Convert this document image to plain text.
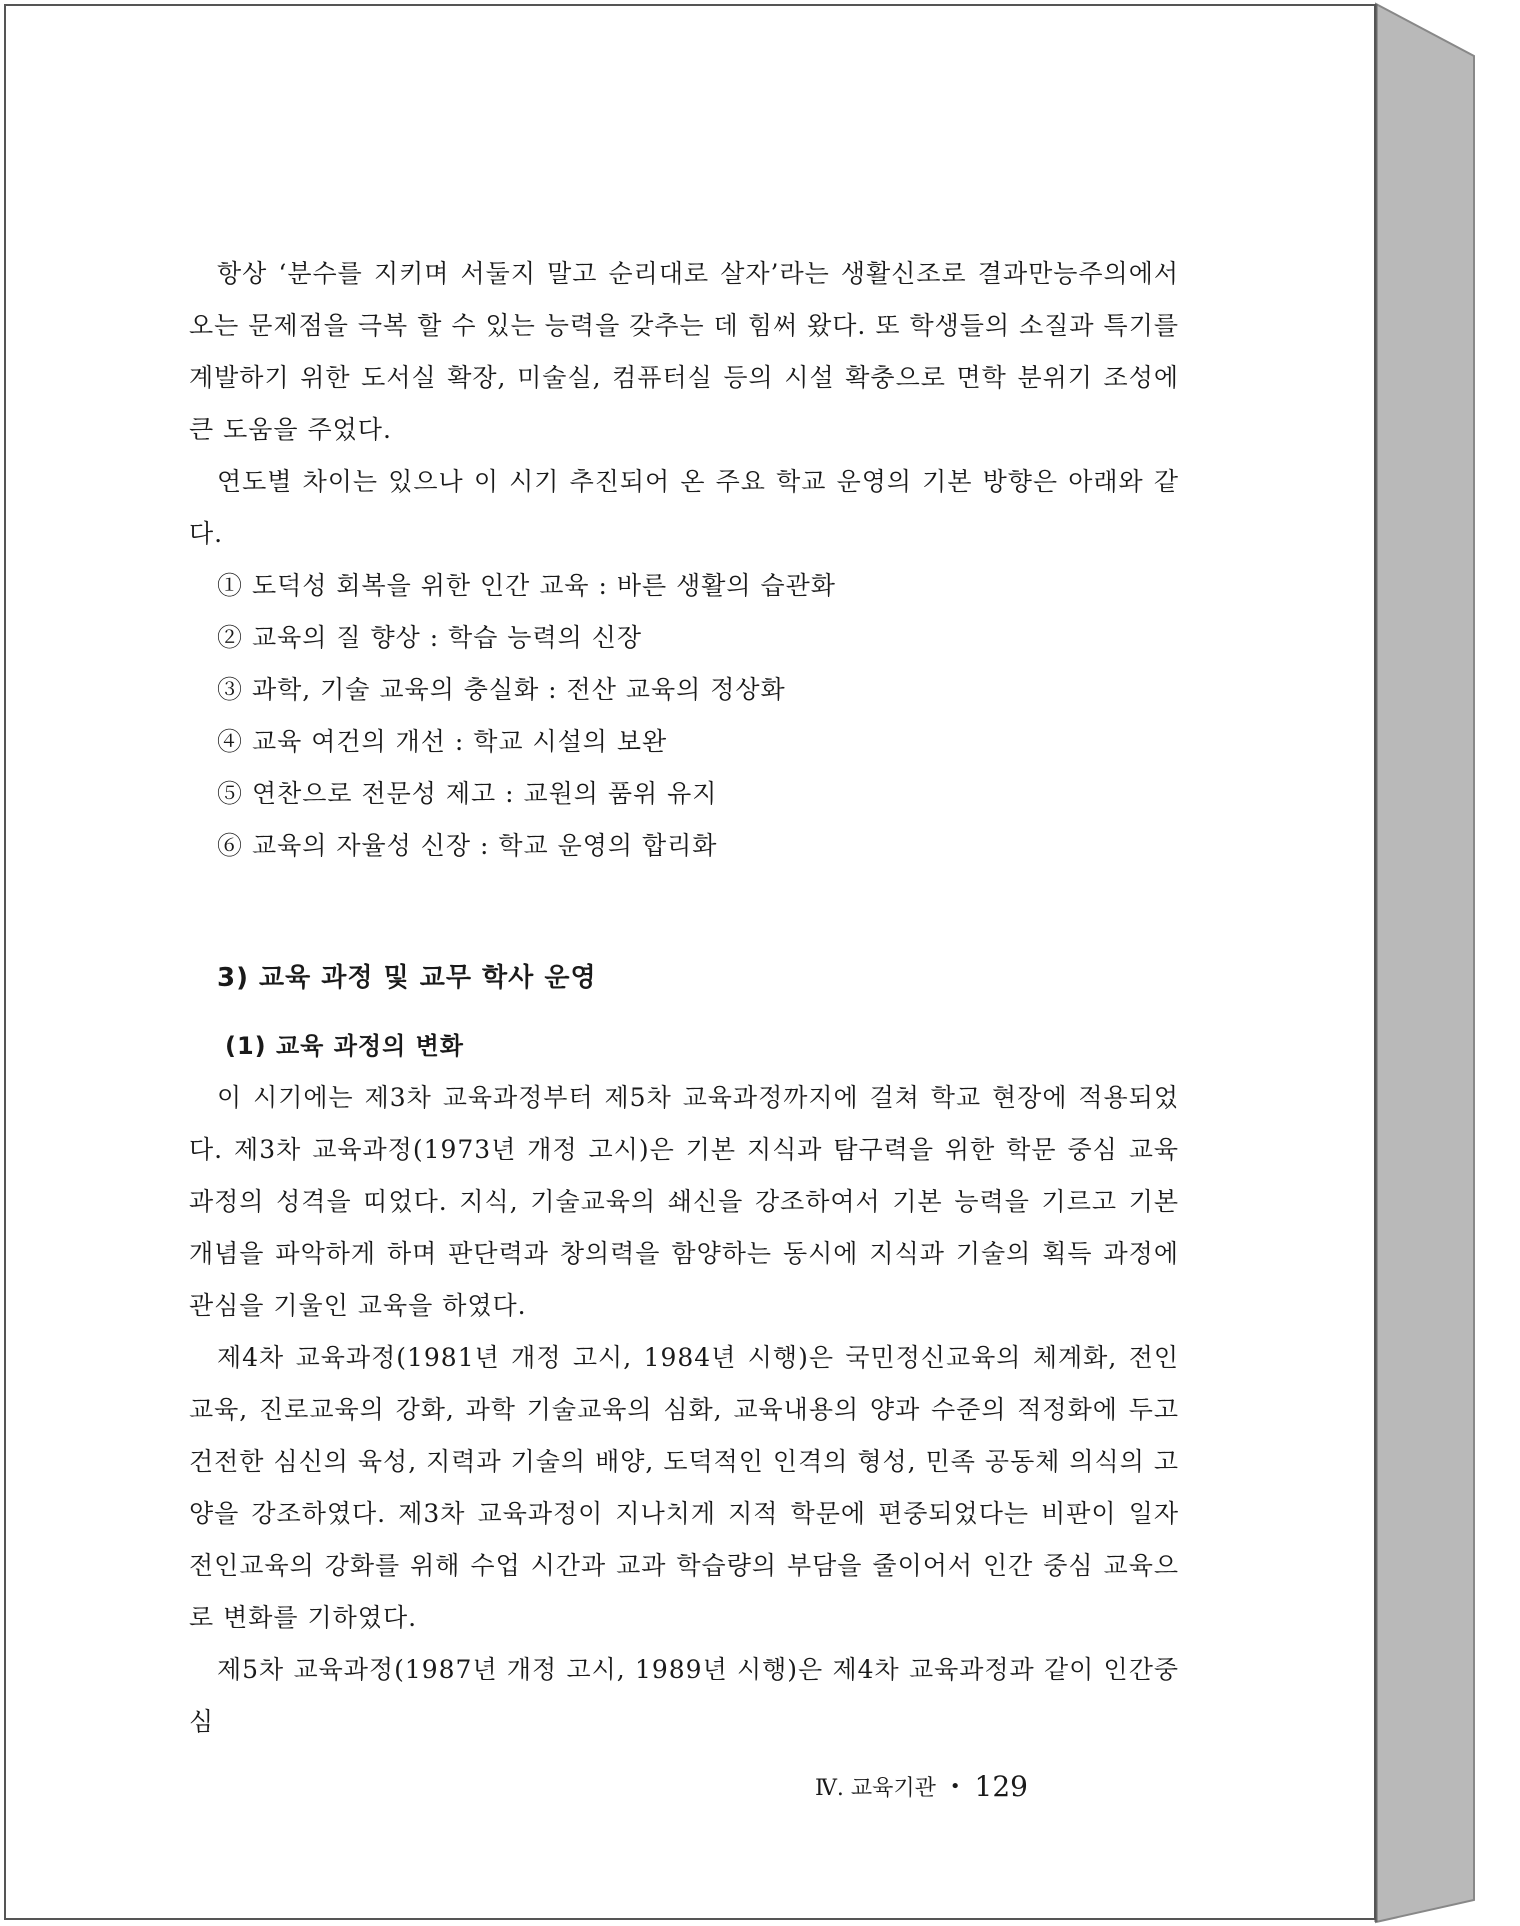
항상 ‘분수를 지키며 서둘지 말고 순리대로 살자’라는 생활신조로 결과만능주의에서 오는 문제점을 극복 할 수 있는 능력을 갖추는 데 힘써 왔다. 또 학생들의 소질과 특기를 계발하기 위한 도서실 확장, 미술실, 컴퓨터실 등의 시설 확충으로 면학 분위기 조성에 큰 도움을 주었다.

연도별 차이는 있으나 이 시기 추진되어 온 주요 학교 운영의 기본 방향은 아래와 같다.

① 도덕성 회복을 위한 인간 교육 : 바른 생활의 습관화

② 교육의 질 향상 : 학습 능력의 신장

③ 과학, 기술 교육의 충실화 : 전산 교육의 정상화

④ 교육 여건의 개선 : 학교 시설의 보완

⑤ 연찬으로 전문성 제고 : 교원의 품위 유지

⑥ 교육의 자율성 신장 : 학교 운영의 합리화

3) 교육 과정 및 교무 학사 운영

(1) 교육 과정의 변화

이 시기에는 제3차 교육과정부터 제5차 교육과정까지에 걸쳐 학교 현장에 적용되었다. 제3차 교육과정(1973년 개정 고시)은 기본 지식과 탐구력을 위한 학문 중심 교육과정의 성격을 띠었다. 지식, 기술교육의 쇄신을 강조하여서 기본 능력을 기르고 기본 개념을 파악하게 하며 판단력과 창의력을 함양하는 동시에 지식과 기술의 획득 과정에 관심을 기울인 교육을 하였다.

제4차 교육과정(1981년 개정 고시, 1984년 시행)은 국민정신교육의 체계화, 전인교육, 진로교육의 강화, 과학 기술교육의 심화, 교육내용의 양과 수준의 적정화에 두고 건전한 심신의 육성, 지력과 기술의 배양, 도덕적인 인격의 형성, 민족 공동체 의식의 고양을 강조하였다. 제3차 교육과정이 지나치게 지적 학문에 편중되었다는 비판이 일자 전인교육의 강화를 위해 수업 시간과 교과 학습량의 부담을 줄이어서 인간 중심 교육으로 변화를 기하였다.

제5차 교육과정(1987년 개정 고시, 1989년 시행)은 제4차 교육과정과 같이 인간중심

Ⅳ. 교육기관 • 129
